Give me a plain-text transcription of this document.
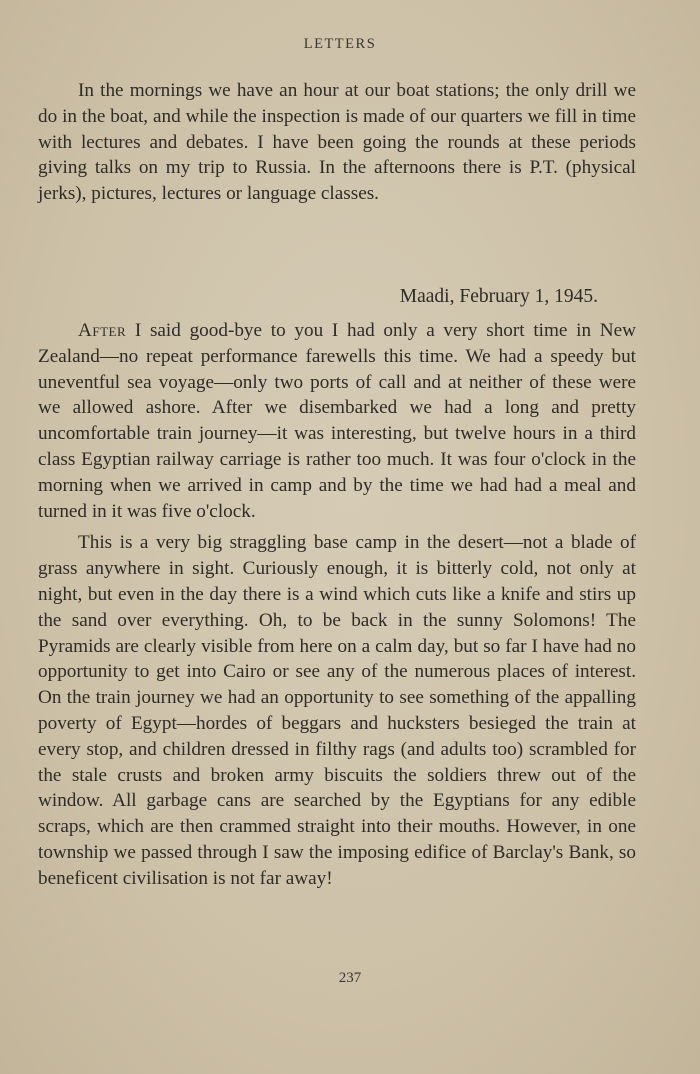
LETTERS

In the mornings we have an hour at our boat stations; the only drill we do in the boat, and while the inspection is made of our quarters we fill in time with lectures and debates. I have been going the rounds at these periods giving talks on my trip to Russia. In the afternoons there is P.T. (physical jerks), pictures, lectures or language classes.

Maadi, February 1, 1945.

After I said good-bye to you I had only a very short time in New Zealand—no repeat performance farewells this time. We had a speedy but uneventful sea voyage—only two ports of call and at neither of these were we allowed ashore. After we disembarked we had a long and pretty uncomfortable train journey—it was interesting, but twelve hours in a third class Egyptian railway carriage is rather too much. It was four o'clock in the morning when we arrived in camp and by the time we had had a meal and turned in it was five o'clock.

This is a very big straggling base camp in the desert—not a blade of grass anywhere in sight. Curiously enough, it is bitterly cold, not only at night, but even in the day there is a wind which cuts like a knife and stirs up the sand over everything. Oh, to be back in the sunny Solomons! The Pyramids are clearly visible from here on a calm day, but so far I have had no opportunity to get into Cairo or see any of the numerous places of interest. On the train journey we had an opportunity to see something of the appalling poverty of Egypt—hordes of beggars and hucksters besieged the train at every stop, and children dressed in filthy rags (and adults too) scrambled for the stale crusts and broken army biscuits the soldiers threw out of the window. All garbage cans are searched by the Egyptians for any edible scraps, which are then crammed straight into their mouths. However, in one township we passed through I saw the imposing edifice of Barclay's Bank, so beneficent civilisation is not far away!

237
